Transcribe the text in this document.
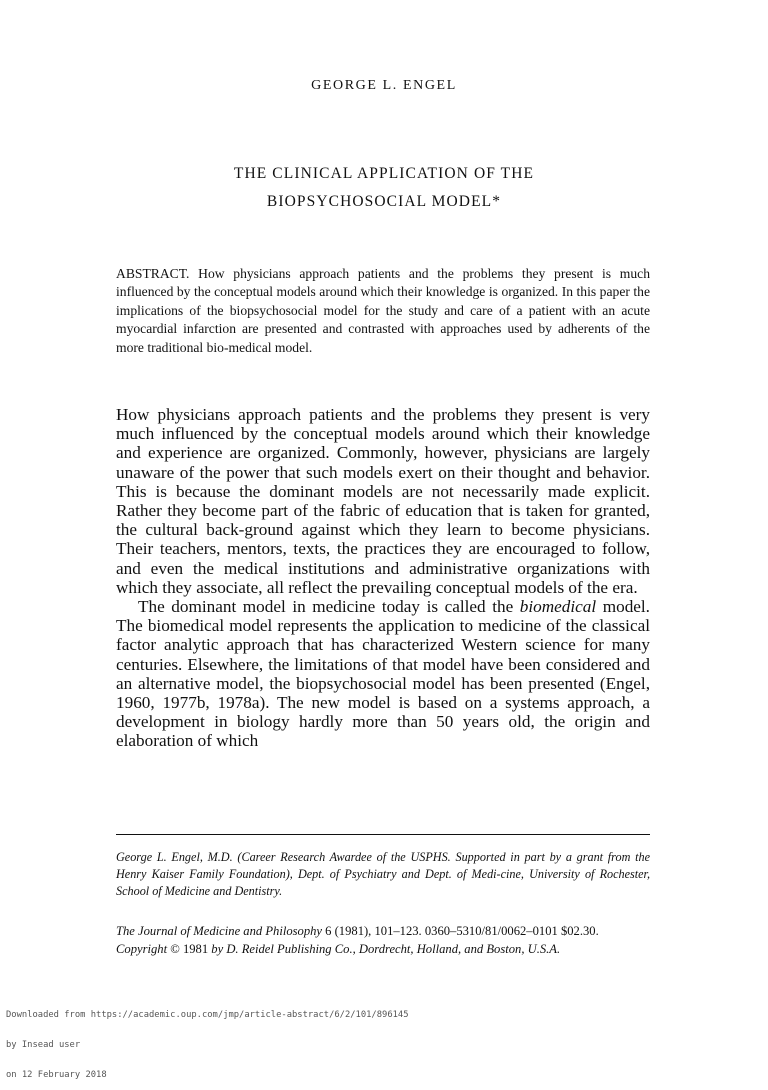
GEORGE L. ENGEL
THE CLINICAL APPLICATION OF THE
BIOPSYCHOSOCIAL MODEL*
ABSTRACT. How physicians approach patients and the problems they present is much influenced by the conceptual models around which their knowledge is organized. In this paper the implications of the biopsychosocial model for the study and care of a patient with an acute myocardial infarction are presented and contrasted with approaches used by adherents of the more traditional bio-medical model.

How physicians approach patients and the problems they present is very much influenced by the conceptual models around which their knowledge and experience are organized. Commonly, however, physicians are largely unaware of the power that such models exert on their thought and behavior. This is because the dominant models are not necessarily made explicit. Rather they become part of the fabric of education that is taken for granted, the cultural back-ground against which they learn to become physicians. Their teachers, mentors, texts, the practices they are encouraged to follow, and even the medical institutions and administrative organizations with which they associate, all reflect the prevailing conceptual models of the era.

The dominant model in medicine today is called the biomedical model. The biomedical model represents the application to medicine of the classical factor analytic approach that has characterized Western science for many centuries. Elsewhere, the limitations of that model have been considered and an alternative model, the biopsychosocial model has been presented (Engel, 1960, 1977b, 1978a). The new model is based on a systems approach, a development in biology hardly more than 50 years old, the origin and elaboration of which

George L. Engel, M.D. (Career Research Awardee of the USPHS. Supported in part by a grant from the Henry Kaiser Family Foundation), Dept. of Psychiatry and Dept. of Medi-cine, University of Rochester, School of Medicine and Dentistry.
The Journal of Medicine and Philosophy 6 (1981), 101–123. 0360–5310/81/0062–0101 $02.30.
Copyright © 1981 by D. Reidel Publishing Co., Dordrecht, Holland, and Boston, U.S.A.

Downloaded from https://academic.oup.com/jmp/article-abstract/6/2/101/896145

by Insead user

on 12 February 2018
